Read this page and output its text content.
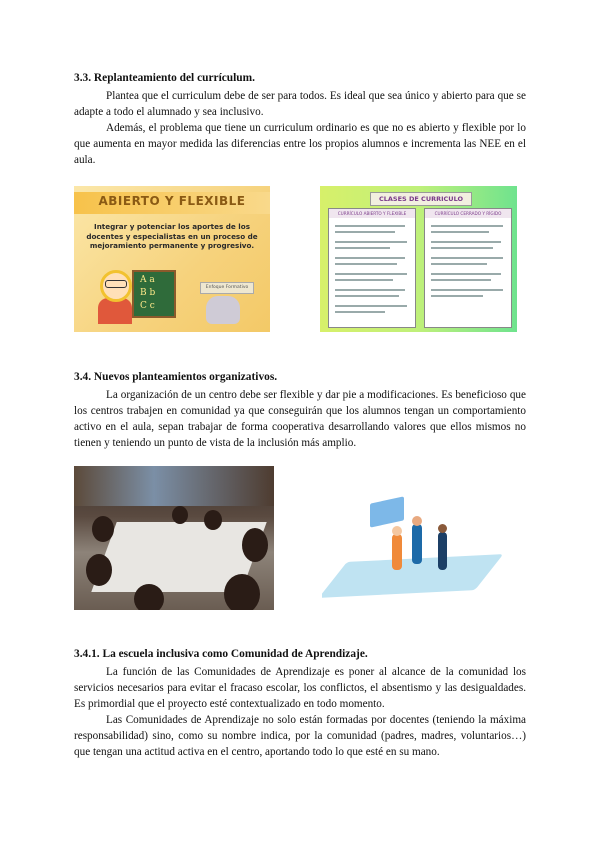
3.3. Replanteamiento del currículum.

Plantea que el curriculum debe de ser para todos. Es ideal que sea único y abierto para que se adapte a todo el alumnado y sea inclusivo.

Además, el problema que tiene un curriculum ordinario es que no es abierto y flexible por lo que aumenta en mayor medida las diferencias entre los propios alumnos e incrementa las NEE en el aula.

ABIERTO Y FLEXIBLE
Integrar y potenciar los aportes de los docentes y especialistas en un proceso de mejoramiento permanente y progresivo.
A a
B b
C c
Enfoque Formativo
CLASES DE CURRICULO
CURRÍCULO ABIERTO Y FLEXIBLE	CURRÍCULO CERRADO Y RÍGIDO
3.4. Nuevos planteamientos organizativos.

La organización de un centro debe ser flexible y dar pie a modificaciones. Es beneficioso que los centros trabajen en comunidad ya que conseguirán que los alumnos tengan un comportamiento activo en el aula, sepan trabajar de forma cooperativa desarrollando valores que ellos mismos no tienen y teniendo un punto de vista de la inclusión más amplio.

3.4.1. La escuela inclusiva como Comunidad de Aprendizaje.

La función de las Comunidades de Aprendizaje es poner al alcance de la comunidad los servicios necesarios para evitar el fracaso escolar, los conflictos, el absentismo y las desigualdades. Es primordial que el proyecto esté contextualizado en todo momento.

Las Comunidades de Aprendizaje no solo están formadas por docentes (teniendo la máxima responsabilidad) sino, como su nombre indica, por la comunidad (padres, madres, voluntarios…) que tengan una actitud activa en el centro, aportando todo lo que esté en su mano.
